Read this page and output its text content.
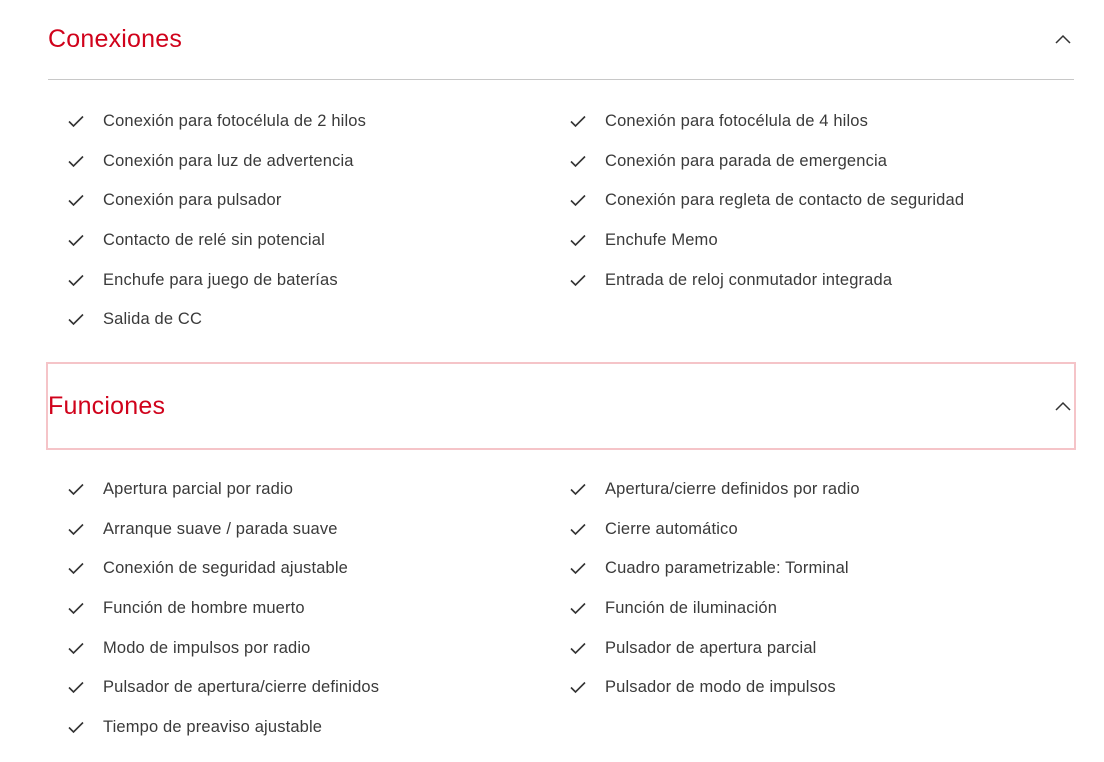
Conexiones
Conexión para fotocélula de 2 hilos	Conexión para fotocélula de 4 hilos
Conexión para luz de advertencia	Conexión para parada de emergencia
Conexión para pulsador	Conexión para regleta de contacto de seguridad
Contacto de relé sin potencial	Enchufe Memo
Enchufe para juego de baterías	Entrada de reloj conmutador integrada
Salida de CC
Funciones
Apertura parcial por radio	Apertura/cierre definidos por radio
Arranque suave / parada suave	Cierre automático
Conexión de seguridad ajustable	Cuadro parametrizable: Torminal
Función de hombre muerto	Función de iluminación
Modo de impulsos por radio	Pulsador de apertura parcial
Pulsador de apertura/cierre definidos	Pulsador de modo de impulsos
Tiempo de preaviso ajustable
